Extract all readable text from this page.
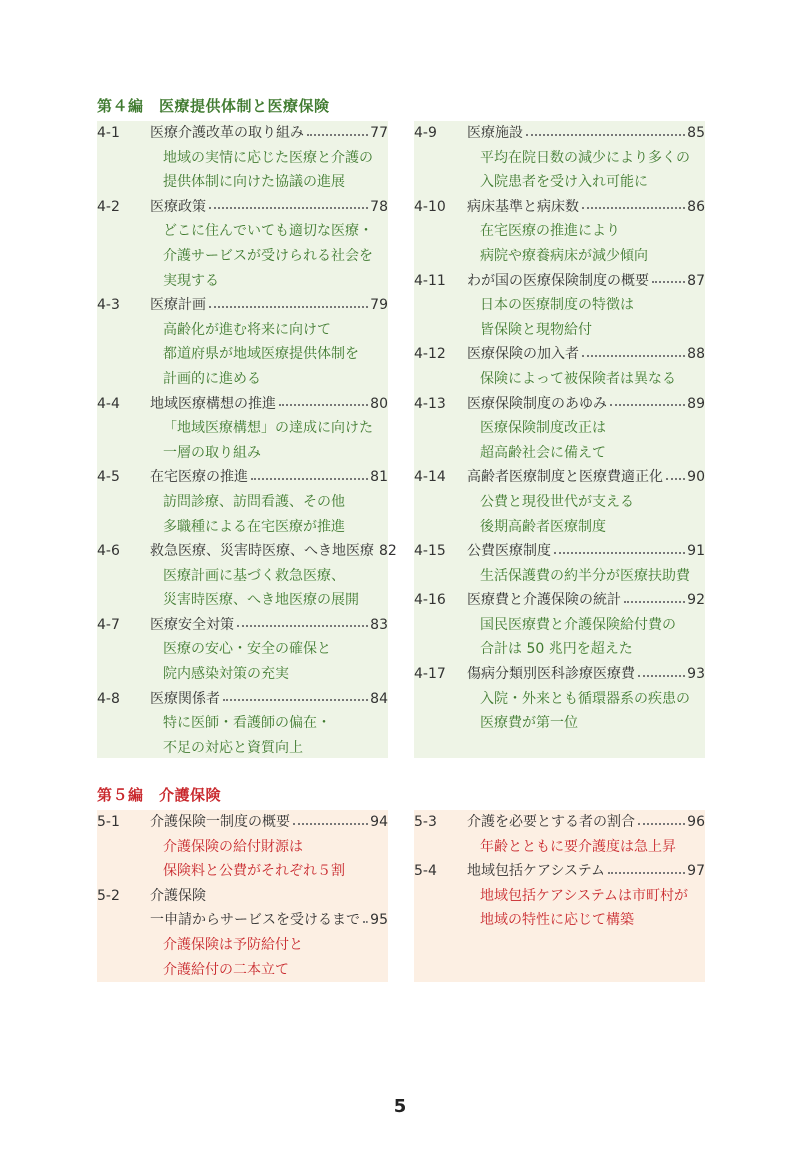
第４編　医療提供体制と医療保険
4-1 医療介護改革の取り組み	77
地域の実情に応じた医療と介護の
提供体制に向けた協議の進展
4-2 医療政策	78
どこに住んでいても適切な医療・
介護サービスが受けられる社会を
実現する
4-3 医療計画	79
高齢化が進む将来に向けて
都道府県が地域医療提供体制を
計画的に進める
4-4 地域医療構想の推進	80
「地域医療構想」の達成に向けた
一層の取り組み
4-5 在宅医療の推進	81
訪問診療、訪問看護、その他
多職種による在宅医療が推進
4-6 救急医療、災害時医療、へき地医療 82
医療計画に基づく救急医療、
災害時医療、へき地医療の展開
4-7 医療安全対策	83
医療の安心・安全の確保と
院内感染対策の充実
4-8 医療関係者	84
特に医師・看護師の偏在・
不足の対応と資質向上
4-9 医療施設	85
平均在院日数の減少により多くの
入院患者を受け入れ可能に
4-10 病床基準と病床数	86
在宅医療の推進により
病院や療養病床が減少傾向
4-11 わが国の医療保険制度の概要	87
日本の医療制度の特徴は
皆保険と現物給付
4-12 医療保険の加入者	88
保険によって被保険者は異なる
4-13 医療保険制度のあゆみ	89
医療保険制度改正は
超高齢社会に備えて
4-14 高齢者医療制度と医療費適正化 90
公費と現役世代が支える
後期高齢者医療制度
4-15 公費医療制度	91
生活保護費の約半分が医療扶助費
4-16 医療費と介護保険の統計	92
国民医療費と介護保険給付費の
合計は 50 兆円を超えた
4-17 傷病分類別医科診療医療費	93
入院・外来とも循環器系の疾患の
医療費が第一位
第５編　介護保険
5-1 介護保険一制度の概要	94
介護保険の給付財源は
保険料と公費がそれぞれ５割
5-2 介護保険
一申請からサービスを受けるまで 95
介護保険は予防給付と
介護給付の二本立て
5-3 介護を必要とする者の割合	96
年齢とともに要介護度は急上昇
5-4 地域包括ケアシステム	97
地域包括ケアシステムは市町村が
地域の特性に応じて構築
5
